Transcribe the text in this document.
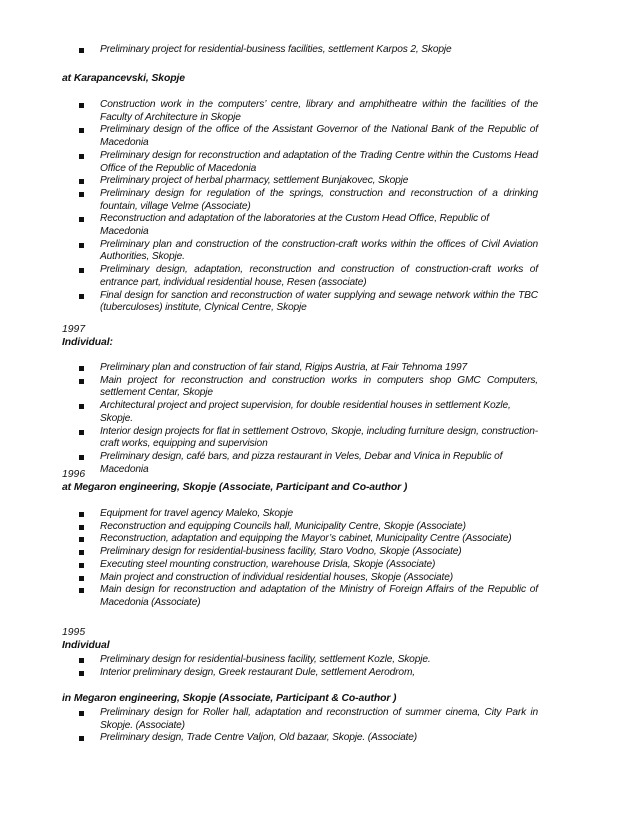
Preliminary project for residential-business facilities, settlement Karpos 2, Skopje
at Karapancevski, Skopje
Construction work in the computers’ centre, library and amphitheatre within the facilities of the Faculty of Architecture in Skopje
Preliminary design of the office of the Assistant Governor of the National Bank of the Republic of Macedonia
Preliminary design for reconstruction and adaptation of the Trading Centre within the Customs Head Office of the Republic of Macedonia
Preliminary project of herbal pharmacy, settlement Bunjakovec, Skopje
Preliminary design for regulation of the springs, construction and reconstruction of a drinking fountain, village Velme (Associate)
Reconstruction and adaptation of the laboratories at the Custom Head Office, Republic of Macedonia
Preliminary plan and construction of the construction-craft works within the offices of Civil Aviation Authorities, Skopje.
Preliminary design, adaptation, reconstruction and construction of construction-craft works of entrance part, individual residential house, Resen (associate)
Final design for sanction and reconstruction of water supplying and sewage network within the TBC (tuberculoses) institute, Clynical Centre, Skopje
1997
Individual:
Preliminary plan and construction of fair stand, Rigips Austria, at Fair Tehnoma 1997
Main project for reconstruction and construction works in computers shop GMC Computers, settlement Centar, Skopje
Architectural project and project supervision, for double residential houses in settlement Kozle, Skopje.
Interior design projects for flat in settlement Ostrovo, Skopje, including furniture design, construction-craft works, equipping and supervision
Preliminary design, café bars, and pizza restaurant in Veles, Debar and Vinica in Republic of Macedonia
1996
at Megaron engineering, Skopje (Associate, Participant and Co-author )
Equipment for travel agency Maleko, Skopje
Reconstruction and equipping Councils hall, Municipality Centre, Skopje (Associate)
Reconstruction, adaptation and equipping the Mayor’s cabinet, Municipality Centre (Associate)
Preliminary design for residential-business facility, Staro Vodno, Skopje (Associate)
Executing steel mounting construction, warehouse Drisla, Skopje (Associate)
Main project and construction of individual residential houses, Skopje (Associate)
Main design for reconstruction and adaptation of the Ministry of Foreign Affairs of the Republic of Macedonia (Associate)
1995
Individual
Preliminary design for residential-business facility, settlement Kozle, Skopje.
Interior preliminary design, Greek restaurant Dule, settlement Aerodrom,
in Megaron engineering, Skopje (Associate, Participant & Co-author )
Preliminary design for Roller hall, adaptation and reconstruction of summer cinema, City Park in Skopje. (Associate)
Preliminary design, Trade Centre Valjon, Old bazaar, Skopje. (Associate)
